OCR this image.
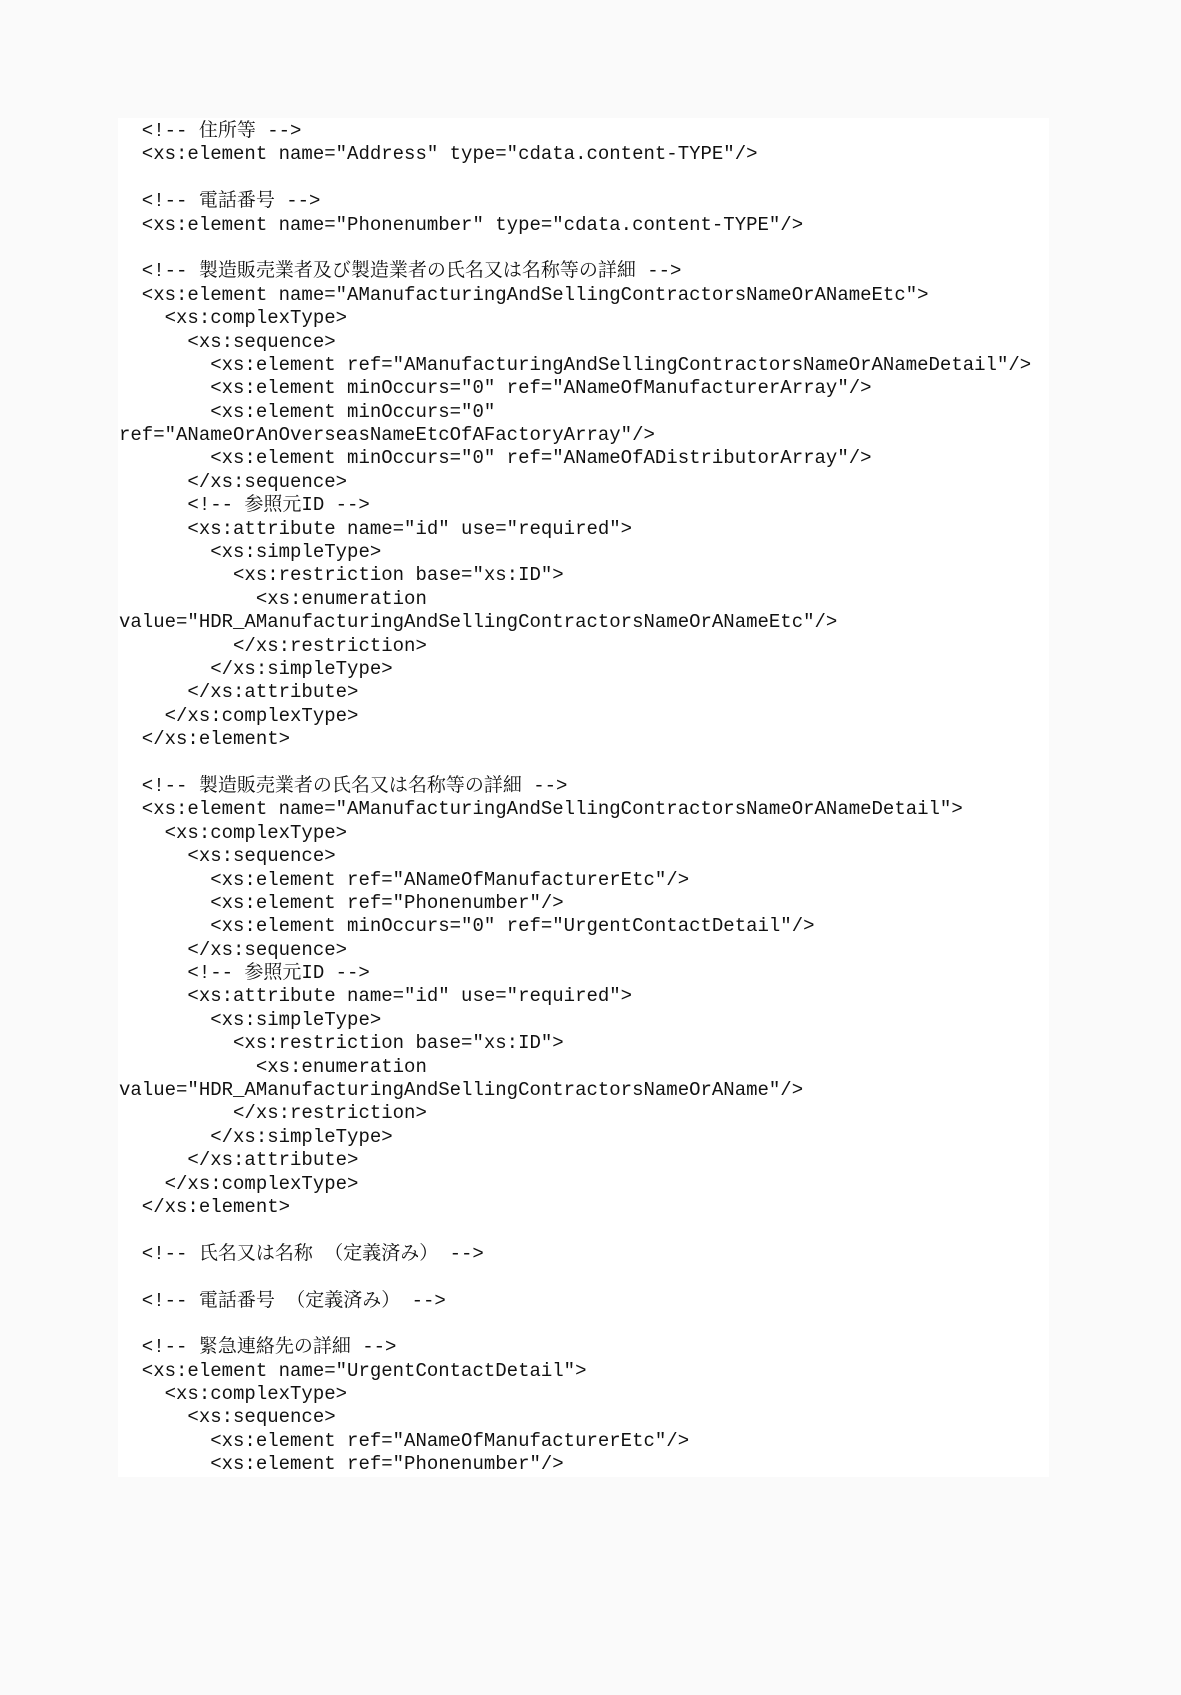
<!-- 住所等 -->
<xs:element name="Address" type="cdata.content-TYPE"/>
<!-- 電話番号 -->
<xs:element name="Phonenumber" type="cdata.content-TYPE"/>
<!-- 製造販売業者及び製造業者の氏名又は名称等の詳細 -->
<xs:element name="AManufacturingAndSellingContractorsNameOrANameEtc">
<xs:complexType>
<xs:sequence>
<xs:element ref="AManufacturingAndSellingContractorsNameOrANameDetail"/>
<xs:element minOccurs="0" ref="ANameOfManufacturerArray"/>
<xs:element minOccurs="0"
ref="ANameOrAnOverseasNameEtcOfAFactoryArray"/>
<xs:element minOccurs="0" ref="ANameOfADistributorArray"/>
</xs:sequence>
<!-- 参照元ID -->
<xs:attribute name="id" use="required">
<xs:simpleType>
<xs:restriction base="xs:ID">
<xs:enumeration
value="HDR_AManufacturingAndSellingContractorsNameOrANameEtc"/>
</xs:restriction>
</xs:simpleType>
</xs:attribute>
</xs:complexType>
</xs:element>
<!-- 製造販売業者の氏名又は名称等の詳細 -->
<xs:element name="AManufacturingAndSellingContractorsNameOrANameDetail">
<xs:complexType>
<xs:sequence>
<xs:element ref="ANameOfManufacturerEtc"/>
<xs:element ref="Phonenumber"/>
<xs:element minOccurs="0" ref="UrgentContactDetail"/>
</xs:sequence>
<!-- 参照元ID -->
<xs:attribute name="id" use="required">
<xs:simpleType>
<xs:restriction base="xs:ID">
<xs:enumeration
value="HDR_AManufacturingAndSellingContractorsNameOrAName"/>
</xs:restriction>
</xs:simpleType>
</xs:attribute>
</xs:complexType>
</xs:element>
<!-- 氏名又は名称 （定義済み） -->
<!-- 電話番号 （定義済み） -->
<!-- 緊急連絡先の詳細 -->
<xs:element name="UrgentContactDetail">
<xs:complexType>
<xs:sequence>
<xs:element ref="ANameOfManufacturerEtc"/>
<xs:element ref="Phonenumber"/>
